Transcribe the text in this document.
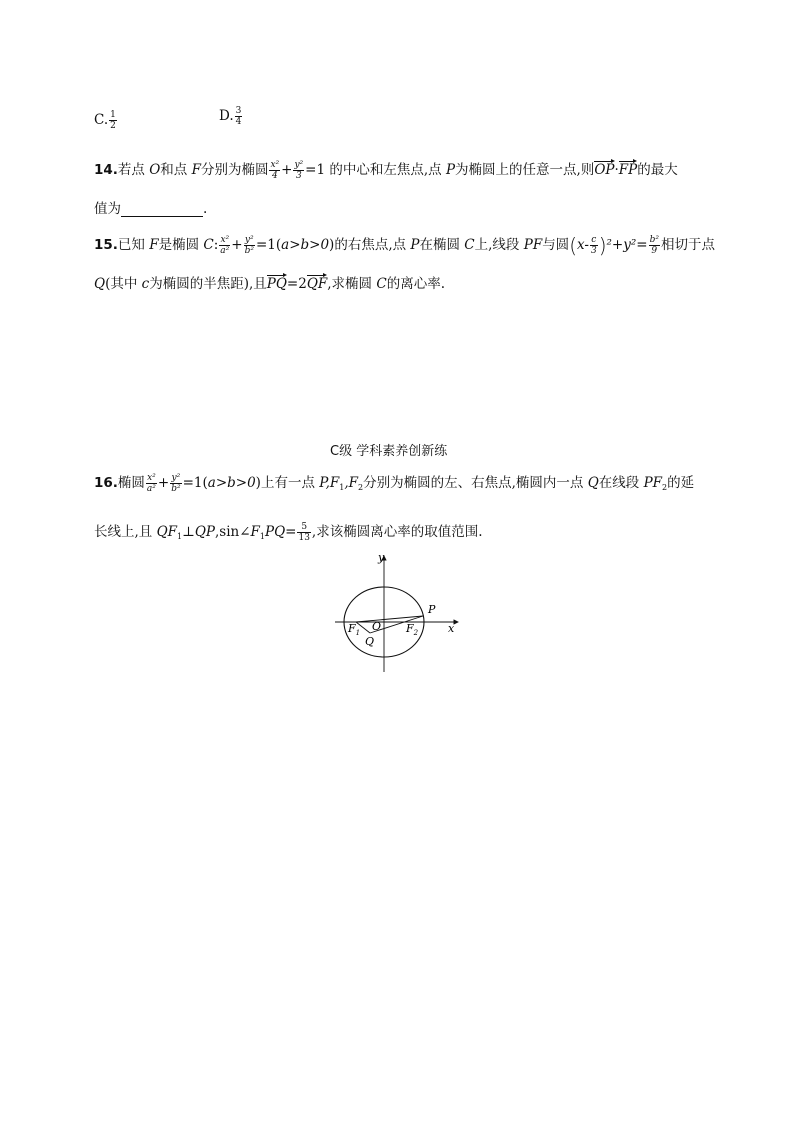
C. $\frac{1}{2}$	D. $\frac{3}{4}$
14.若点 O和点 F分别为椭圆 $\frac{\text{x²}}{4} + \frac{\text{y²}}{3} =1$ 的中心和左焦点,点 P为椭圆上的任意一点,则OP·FP的最大
值为	.
15.已知 F是椭圆 C: $\frac{\text{x²}}{\text{a²}} + \frac{\text{y²}}{\text{b²}} =1(a>b>0)$的右焦点,点 P在椭圆 C上,线段 PF与圆$(x- \frac{c}{3} )^2+y^2= \frac{\text{b²}}{9}$ 相切于点
Q(其中 c为椭圆的半焦距),且PQ=2QF,求椭圆 C的离心率.
C级 学科素养创新练
16.椭圆 $\frac{\text{x²}}{\text{a²}} + \frac{\text{y²}}{\text{b²}} =1(a>b>0)$上有一点 $P,F_1,F_2$分别为椭圆的左、右焦点,椭圆内一点 Q在线段 $PF_2$的延
长线上,且 $QF_1\perp QP,\sin\angle F_1PQ= \frac{5}{13}$ ,求该椭圆离心率的取值范围.
y
x
P
O
Q
$F_1$	$F_2$
